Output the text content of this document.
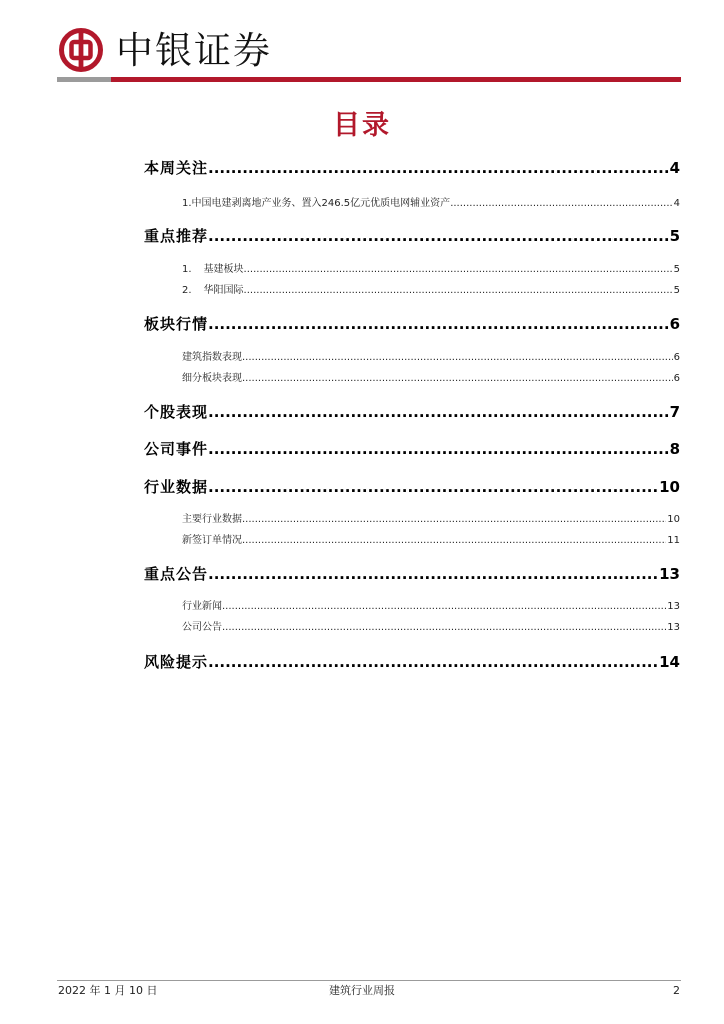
中银证券
目录
本周关注 .....	4
1. 中国电建剥离地产业务、置入246.5亿元优质电网辅业资产 .....	4
重点推荐 .....	5
1.	基建板块 .....	5
2.	华阳国际 .....	5
板块行情 .....	6
建筑指数表现 .....	6
细分板块表现 .....	6
个股表现 .....	7
公司事件 .....	8
行业数据 .....	10
主要行业数据 .....	10
新签订单情况 .....	11
重点公告 .....	13
行业新闻 .....	13
公司公告 .....	13
风险提示 .....	14
2022 年 1 月 10 日	建筑行业周报	2
